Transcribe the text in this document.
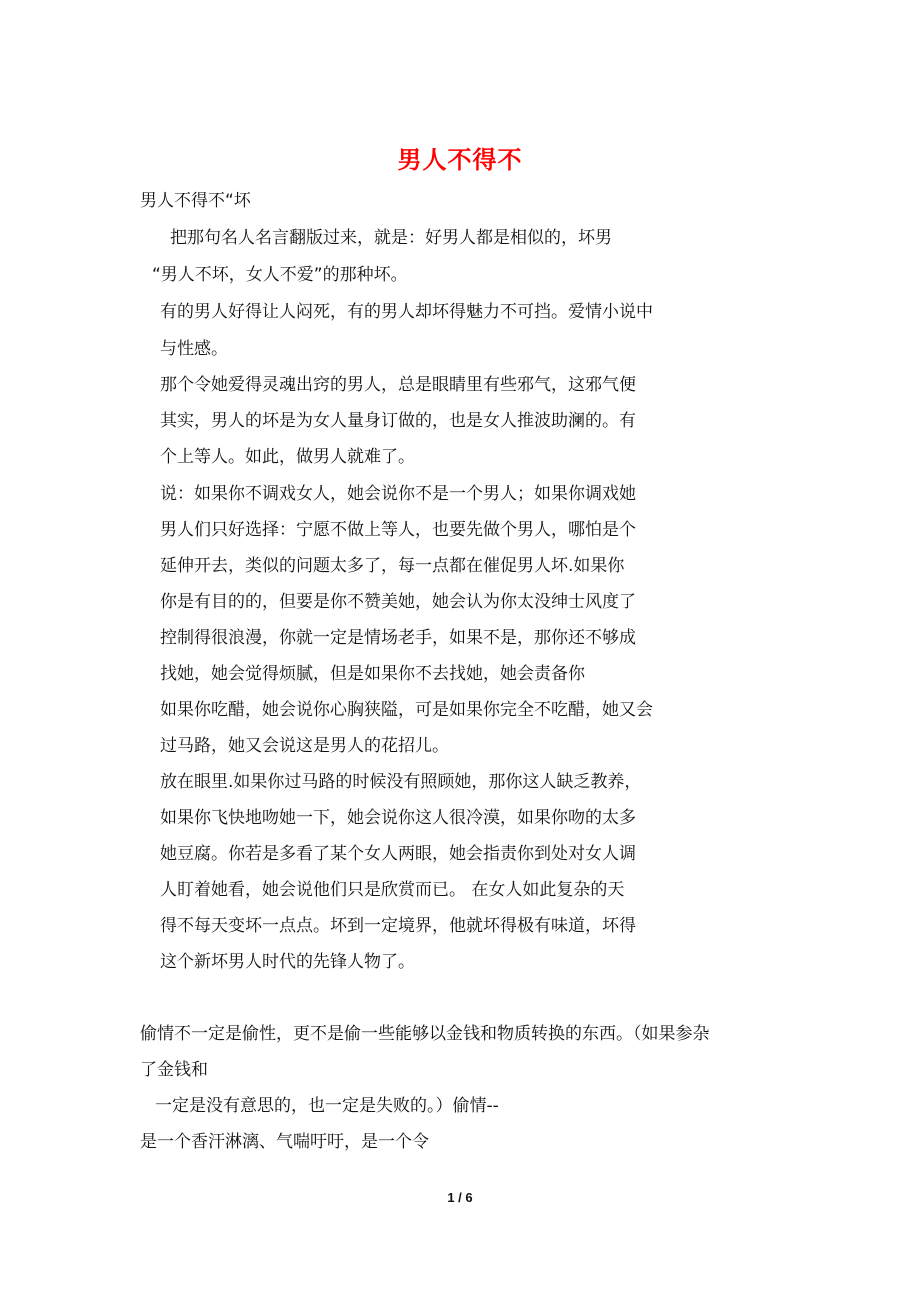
男人不得不
男人不得不“坏
把那句名人名言翻版过来，就是：好男人都是相似的，坏男
“男人不坏，女人不爱”的那种坏。
有的男人好得让人闷死，有的男人却坏得魅力不可挡。爱情小说中
与性感。
那个令她爱得灵魂出窍的男人，总是眼睛里有些邪气，这邪气便
其实，男人的坏是为女人量身订做的，也是女人推波助澜的。有
个上等人。如此，做男人就难了。
说：如果你不调戏女人，她会说你不是一个男人；如果你调戏她
男人们只好选择：宁愿不做上等人，也要先做个男人，哪怕是个
延伸开去，类似的问题太多了，每一点都在催促男人坏.如果你
你是有目的的，但要是你不赞美她，她会认为你太没绅士风度了
控制得很浪漫，你就一定是情场老手，如果不是，那你还不够成
找她，她会觉得烦腻，但是如果你不去找她，她会责备你
如果你吃醋，她会说你心胸狭隘，可是如果你完全不吃醋，她又会
过马路，她又会说这是男人的花招儿。
放在眼里.如果你过马路的时候没有照顾她，那你这人缺乏教养，
如果你飞快地吻她一下，她会说你这人很冷漠，如果你吻的太多
她豆腐。你若是多看了某个女人两眼，她会指责你到处对女人调
人盯着她看，她会说他们只是欣赏而已。 在女人如此复杂的天
得不每天变坏一点点。坏到一定境界，他就坏得极有味道，坏得
这个新坏男人时代的先锋人物了。
偷情不一定是偷性，更不是偷一些能够以金钱和物质转换的东西。（如果参杂
了金钱和
一定是没有意思的，也一定是失败的。）偷情--
是一个香汗淋漓、气喘吁吁，是一个令
1 / 6
